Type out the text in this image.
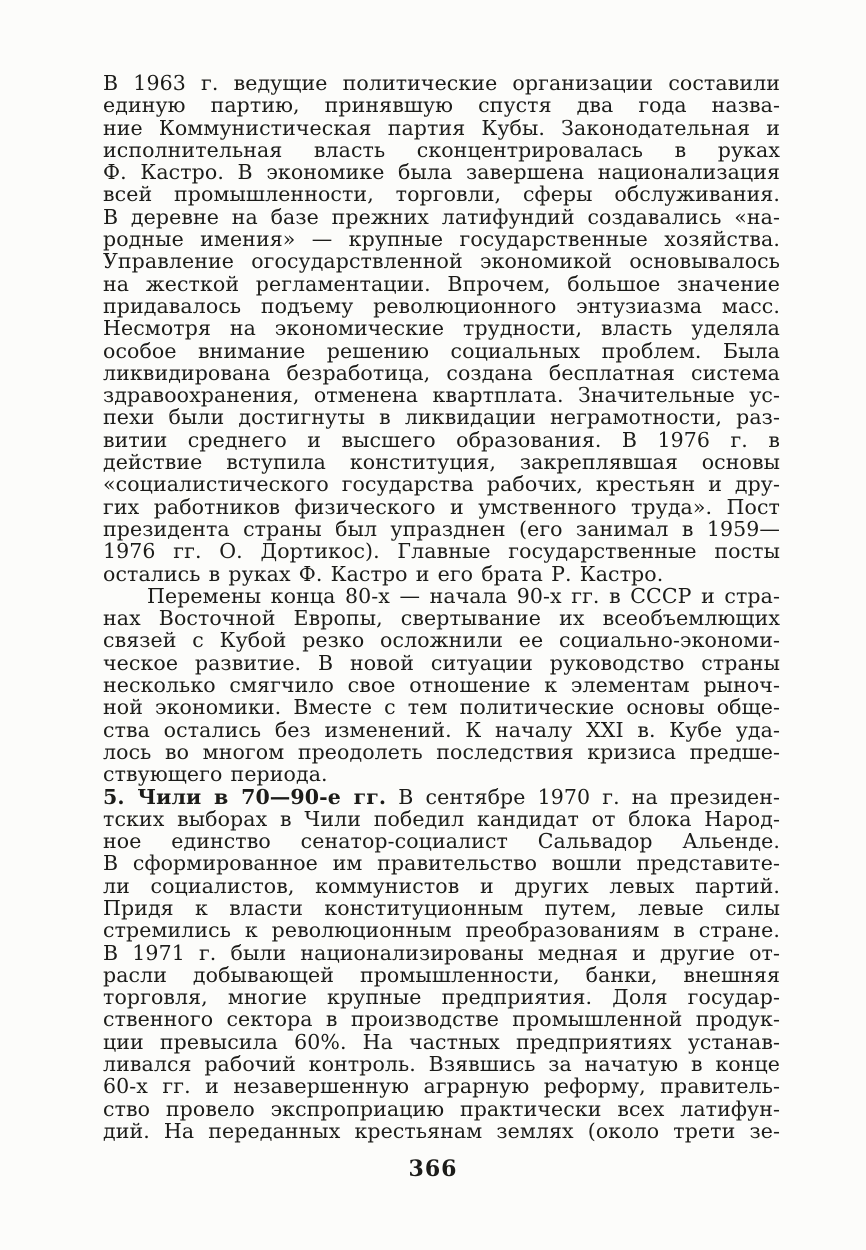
В 1963 г. ведущие политические организации составили
единую партию, принявшую спустя два года назва-
ние Коммунистическая партия Кубы. Законодательная и
исполнительная власть сконцентрировалась в руках
Ф. Кастро. В экономике была завершена национализация
всей промышленности, торговли, сферы обслуживания.
В деревне на базе прежних латифундий создавались «на-
родные имения» — крупные государственные хозяйства.
Управление огосударствленной экономикой основывалось
на жесткой регламентации. Впрочем, большое значение
придавалось подъему революционного энтузиазма масс.
Несмотря на экономические трудности, власть уделяла
особое внимание решению социальных проблем. Была
ликвидирована безработица, создана бесплатная система
здравоохранения, отменена квартплата. Значительные ус-
пехи были достигнуты в ликвидации неграмотности, раз-
витии среднего и высшего образования. В 1976 г. в
действие вступила конституция, закреплявшая основы
«социалистического государства рабочих, крестьян и дру-
гих работников физического и умственного труда». Пост
президента страны был упразднен (его занимал в 1959—
1976 гг. О. Дортикос). Главные государственные посты
остались в руках Ф. Кастро и его брата Р. Кастро.
Перемены конца 80-х — начала 90-х гг. в СССР и стра-
нах Восточной Европы, свертывание их всеобъемлющих
связей с Кубой резко осложнили ее социально-экономи-
ческое развитие. В новой ситуации руководство страны
несколько смягчило свое отношение к элементам рыноч-
ной экономики. Вместе с тем политические основы обще-
ства остались без изменений. К началу XXI в. Кубе уда-
лось во многом преодолеть последствия кризиса предше-
ствующего периода.
5. Чили в 70—90-е гг. В сентябре 1970 г. на президен-
тских выборах в Чили победил кандидат от блока Народ-
ное единство сенатор-социалист Сальвадор Альенде.
В сформированное им правительство вошли представите-
ли социалистов, коммунистов и других левых партий.
Придя к власти конституционным путем, левые силы
стремились к революционным преобразованиям в стране.
В 1971 г. были национализированы медная и другие от-
расли добывающей промышленности, банки, внешняя
торговля, многие крупные предприятия. Доля государ-
ственного сектора в производстве промышленной продук-
ции превысила 60%. На частных предприятиях устанав-
ливался рабочий контроль. Взявшись за начатую в конце
60-х гг. и незавершенную аграрную реформу, правитель-
ство провело экспроприацию практически всех латифун-
дий. На переданных крестьянам землях (около трети зе-
366
